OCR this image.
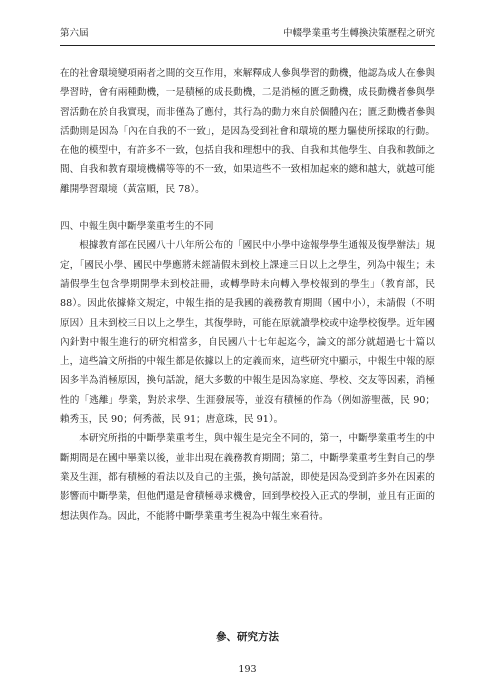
第六屆	中輟學業重考生轉換決策歷程之研究

在的社會環境變項兩者之間的交互作用，來解釋成人參與學習的動機，他認為成人在參與學習時，會有兩種動機，一是積極的成長動機，二是消極的匱乏動機，成長動機者參與學習活動在於自我實現，而非僅為了應付，其行為的動力來自於個體內在；匱乏動機者參與活動則是因為「內在自我的不一致」，是因為受到社會和環境的壓力驅使所採取的行動。在他的模型中，有許多不一致，包括自我和理想中的我、自我和其他學生、自我和教師之間、自我和教育環境機構等等的不一致，如果這些不一致相加起來的總和越大，就越可能離開學習環境（黃富順，民 78）。

四、中報生與中斷學業重考生的不同

根據教育部在民國八十八年所公布的「國民中小學中途報學學生通報及復學辦法」規定，「國民小學、國民中學應將未經請假未到校上課達三日以上之學生，列為中報生；未請假學生包含學期開學未到校註冊，或轉學時未向轉入學校報到的學生」（教育部，民 88）。因此依據條文規定，中報生指的是我國的義務教育期間（國中小），未請假（不明原因）且未到校三日以上之學生，其復學時，可能在原就讀學校或中途學校復學。近年國內針對中報生進行的研究相當多，自民國八十七年起迄今，論文的部分就超過七十篇以上，這些論文所指的中報生都是依據以上的定義而來，這些研究中顯示，中報生中報的原因多半為消極原因，換句話說，絕大多數的中報生是因為家庭、學校、交友等因素，消極性的「逃離」學業，對於求學、生涯發展等，並沒有積極的作為（例如游聖薇，民 90；賴秀玉，民 90；何秀薇，民 91；唐意珠，民 91）。

本研究所指的中斷學業重考生，與中報生是完全不同的，第一，中斷學業重考生的中斷期間是在國中畢業以後，並非出現在義務教育期間；第二，中斷學業重考生對自己的學業及生涯，都有積極的看法以及自己的主張，換句話說，即使是因為受到許多外在因素的影響而中斷學業，但他們還是會積極尋求機會，回到學校投入正式的學制，並且有正面的想法與作為。因此，不能將中斷學業重考生視為中報生來看待。

參、研究方法
193
